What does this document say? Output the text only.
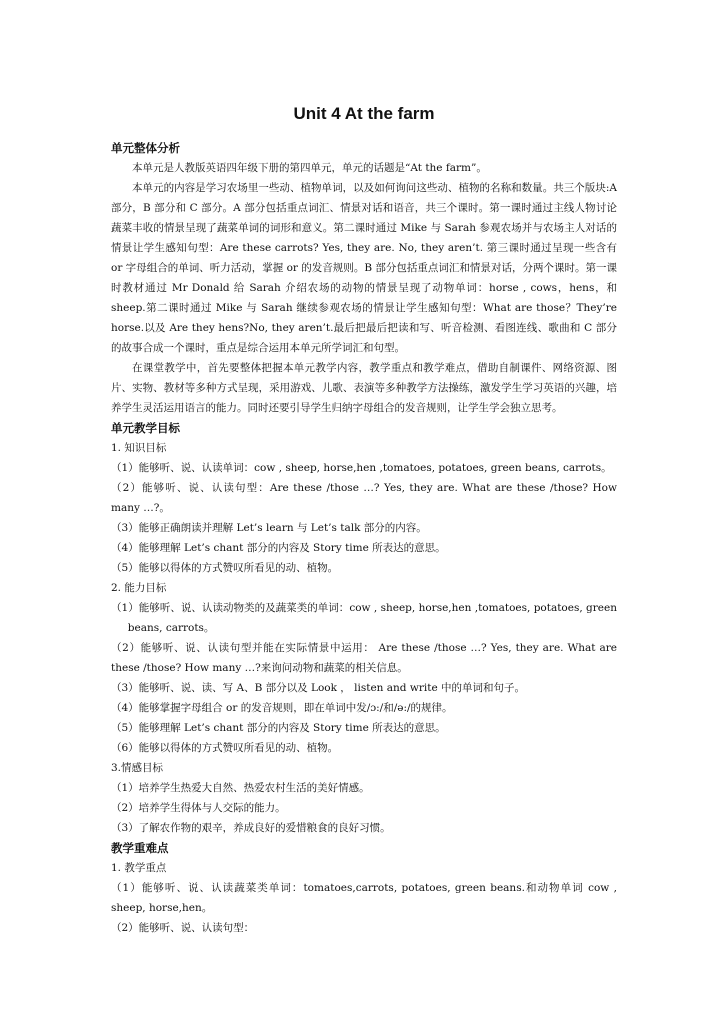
Unit 4 At the farm
单元整体分析

本单元是人教版英语四年级下册的第四单元，单元的话题是“At the farm”。

本单元的内容是学习农场里一些动、植物单词，以及如何询问这些动、植物的名称和数量。共三个版块:A 部分，B 部分和 C 部分。A 部分包括重点词汇、情景对话和语音，共三个课时。第一课时通过主线人物讨论蔬菜丰收的情景呈现了蔬菜单词的词形和意义。第二课时通过 Mike 与 Sarah 参观农场并与农场主人对话的情景让学生感知句型：Are these carrots? Yes, they are. No, they aren’t. 第三课时通过呈现一些含有 or 字母组合的单词、听力活动，掌握 or 的发音规则。B 部分包括重点词汇和情景对话，分两个课时。第一课时教材通过 Mr Donald 给 Sarah 介绍农场的动物的情景呈现了动物单词：horse , cows，hens，和 sheep.第二课时通过 Mike 与 Sarah 继续参观农场的情景让学生感知句型：What are those？They’re horse.以及 Are they hens?No, they aren’t.最后把最后把读和写、听音检测、看图连线、歌曲和 C 部分的故事合成一个课时，重点是综合运用本单元所学词汇和句型。

在课堂教学中，首先要整体把握本单元教学内容，教学重点和教学难点，借助自制课件、网络资源、图片、实物、教材等多种方式呈现，采用游戏、儿歌、表演等多种教学方法操练，激发学生学习英语的兴趣，培养学生灵活运用语言的能力。同时还要引导学生归纳字母组合的发音规则，让学生学会独立思考。

单元教学目标

1. 知识目标

（1）能够听、说、认读单词：cow , sheep, horse,hen ,tomatoes, potatoes, green beans, carrots。

（2）能够听、说、认读句型：Are these /those …? Yes, they are. What are these /those? How many …?。

（3）能够正确朗读并理解 Let’s learn 与 Let’s talk 部分的内容。

（4）能够理解 Let’s chant 部分的内容及 Story time 所表达的意思。

（5）能够以得体的方式赞叹所看见的动、植物。

2. 能力目标

（1）能够听、说、认读动物类的及蔬菜类的单词：cow , sheep, horse,hen ,tomatoes, potatoes, green beans, carrots。

（2）能够听、说、认读句型并能在实际情景中运用： Are these /those …? Yes, they are. What are these /those? How many …?来询问动物和蔬菜的相关信息。

（3）能够听、说、读、写 A、B 部分以及 Look ， listen and write 中的单词和句子。

（4）能够掌握字母组合 or 的发音规则，即在单词中发/ɔ:/和/ə:/的规律。

（5）能够理解 Let’s chant 部分的内容及 Story time 所表达的意思。

（6）能够以得体的方式赞叹所看见的动、植物。

3.情感目标

（1）培养学生热爱大自然、热爱农村生活的美好情感。

（2）培养学生得体与人交际的能力。

（3）了解农作物的艰辛，养成良好的爱惜粮食的良好习惯。

教学重难点

1. 教学重点

（1）能够听、说、认读蔬菜类单词：tomatoes,carrots, potatoes, green beans.和动物单词 cow , sheep, horse,hen。

（2）能够听、说、认读句型：
